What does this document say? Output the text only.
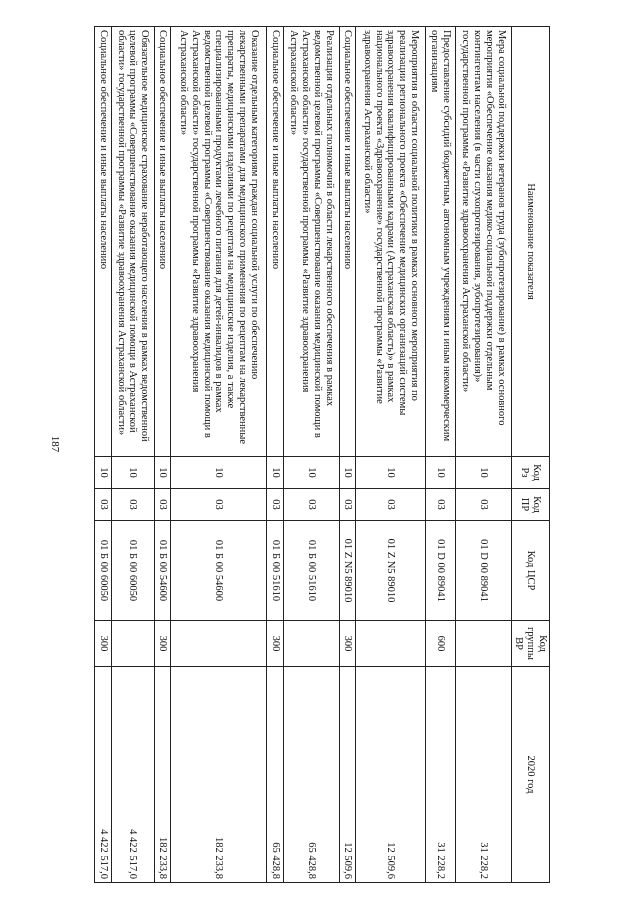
187
Наименование показателя	Код Рз	Код ПР	Код ЦСР	Код группы ВР	2020 год
Мера социальной поддержки ветеранов труда (зубопротезирование) в рамках основного мероприятия «Обеспечение оказания медико-социальной поддержки отдельным контингентам населения (в части слухопротезирования, зубопротезирования)» государственной программы «Развитие здравоохранения Астраханской области»	10	03	01 D 00 89041		31 228,2
Предоставление субсидий бюджетным, автономным учреждениям и иным некоммерческим организациям	10	03	01 D 00 89041	600	31 228,2
Мероприятия в области социальной политики в рамках основного мероприятия по реализации регионального проекта «Обеспечение медицинских организаций системы здравоохранения квалифицированными кадрами (Астраханская область)» в рамках национального проекта «Здравоохранение» государственной программы «Развитие здравоохранения Астраханской области»	10	03	01 Z N5 89010		12 509,6
Социальное обеспечение и иные выплаты населению	10	03	01 Z N5 89010	300	12 509,6
Реализация отдельных полномочий в области лекарственного обеспечения в рамках ведомственной целевой программы «Совершенствование оказания медицинской помощи в Астраханской области» государственной программы «Развитие здравоохранения Астраханской области»	10	03	01 Б 00 51610		65 428,8
Социальное обеспечение и иные выплаты населению	10	03	01 Б 00 51610	300	65 428,8
Оказание отдельным категориям граждан социальной услуги по обеспечению лекарственными препаратами для медицинского применения по рецептам на лекарственные препараты, медицинскими изделиями по рецептам на медицинские изделия, а также специализированными продуктами лечебного питания для детей-инвалидов в рамках ведомственной целевой программы «Совершенствование оказания медицинской помощи в Астраханской области» государственной программы «Развитие здравоохранения Астраханской области»	10	03	01 Б 00 54600		182 233,8
Социальное обеспечение и иные выплаты населению	10	03	01 Б 00 54600	300	182 233,8
Обязательное медицинское страхование неработающего населения в рамках ведомственной целевой программы «Совершенствование оказания медицинской помощи в Астраханской области» государственной программы «Развитие здравоохранения Астраханской области»	10	03	01 Б 00 60050		4 422 517,0
Социальное обеспечение и иные выплаты населению	10	03	01 Б 00 60050	300	4 422 517,0
